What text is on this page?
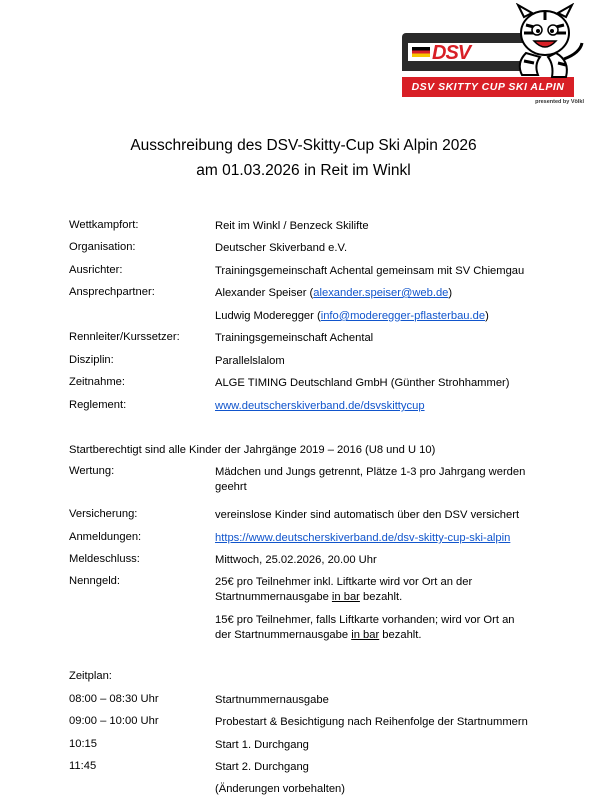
DSV
DSV SKITTY CUP SKI ALPIN
presented by Völkl
Ausschreibung des DSV-Skitty-Cup Ski Alpin 2026
am 01.03.2026 in Reit im Winkl
Wettkampfort:	Reit im Winkl / Benzeck Skilifte
Organisation:	Deutscher Skiverband e.V.
Ausrichter:	Trainingsgemeinschaft Achental gemeinsam mit SV Chiemgau
Ansprechpartner:	Alexander Speiser (alexander.speiser@web.de)
Ludwig Moderegger (info@moderegger-pflasterbau.de)
Rennleiter/Kurssetzer:	Trainingsgemeinschaft Achental
Disziplin:	Parallelslalom
Zeitnahme:	ALGE TIMING Deutschland GmbH (Günther Strohhammer)
Reglement:	www.deutscherskiverband.de/dsvskittycup
Startberechtigt sind alle Kinder der Jahrgänge 2019 – 2016 (U8 und U 10)
Wertung:	Mädchen und Jungs getrennt, Plätze 1-3 pro Jahrgang werden geehrt
Versicherung:	vereinslose Kinder sind automatisch über den DSV versichert
Anmeldungen:	https://www.deutscherskiverband.de/dsv-skitty-cup-ski-alpin
Meldeschluss:	Mittwoch, 25.02.2026, 20.00 Uhr
Nenngeld:	25€ pro Teilnehmer inkl. Liftkarte wird vor Ort an der Startnummernausgabe in bar bezahlt.
15€ pro Teilnehmer, falls Liftkarte vorhanden; wird vor Ort an der Startnummernausgabe in bar bezahlt.
Zeitplan:
08:00 – 08:30 Uhr	Startnummernausgabe
09:00 – 10:00 Uhr	Probestart & Besichtigung nach Reihenfolge der Startnummern
10:15	Start 1. Durchgang
11:45	Start 2. Durchgang
(Änderungen vorbehalten)
